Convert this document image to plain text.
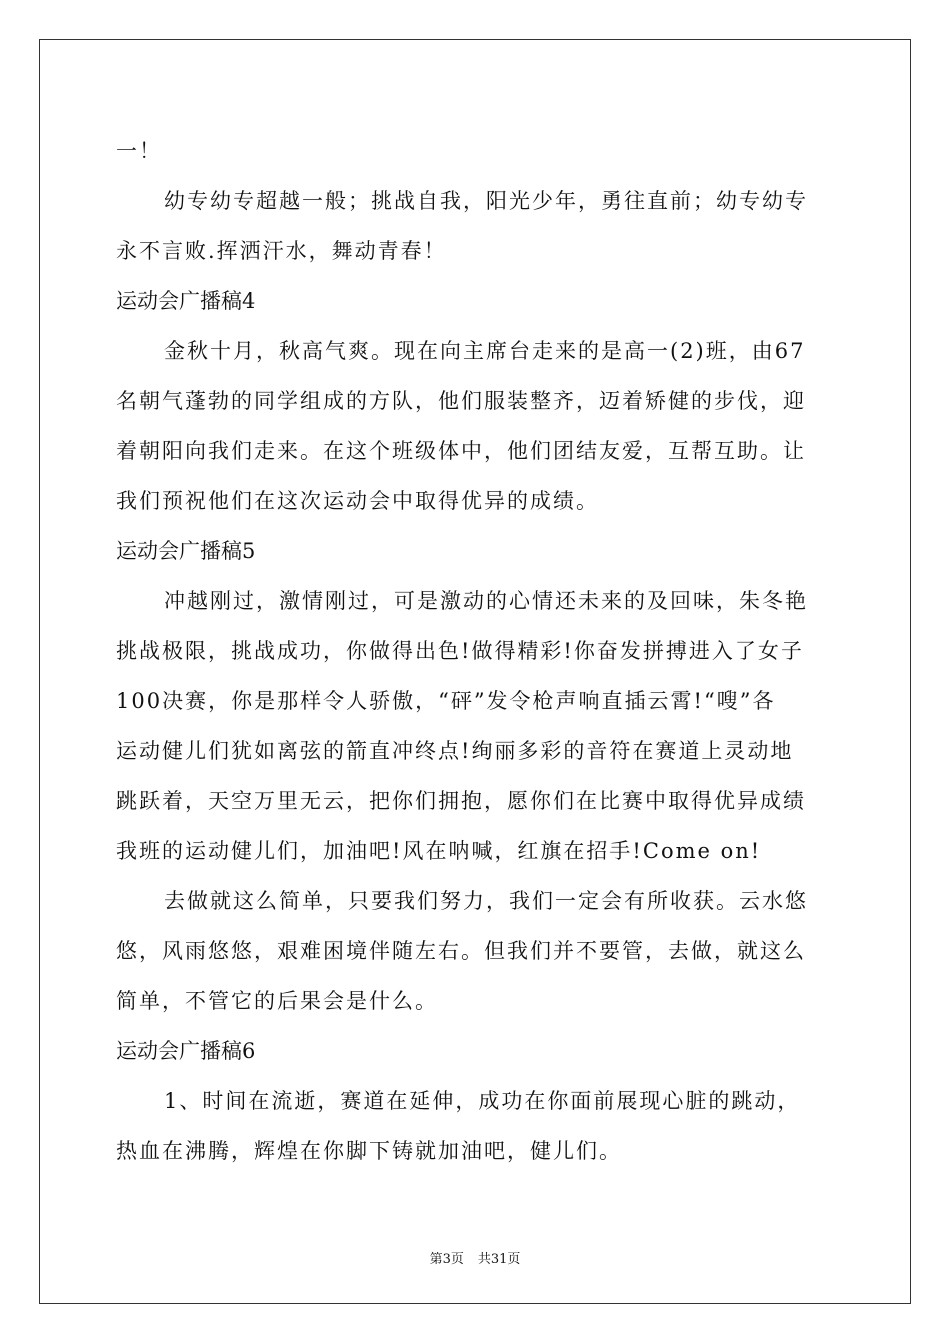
一！
幼专幼专超越一般；挑战自我，阳光少年，勇往直前；幼专幼专
永不言败.挥洒汗水，舞动青春！
运动会广播稿4
金秋十月，秋高气爽。现在向主席台走来的是高一(2)班，由67
名朝气蓬勃的同学组成的方队，他们服装整齐，迈着矫健的步伐，迎
着朝阳向我们走来。在这个班级体中，他们团结友爱，互帮互助。让
我们预祝他们在这次运动会中取得优异的成绩。
运动会广播稿5
冲越刚过，激情刚过，可是激动的心情还未来的及回味，朱冬艳
挑战极限，挑战成功，你做得出色!做得精彩!你奋发拼搏进入了女子
100决赛，你是那样令人骄傲，“砰”发令枪声响直插云霄!“嗖”各
运动健儿们犹如离弦的箭直冲终点!绚丽多彩的音符在赛道上灵动地
跳跃着，天空万里无云，把你们拥抱，愿你们在比赛中取得优异成绩
我班的运动健儿们，加油吧!风在呐喊，红旗在招手!Come on!
去做就这么简单，只要我们努力，我们一定会有所收获。云水悠
悠，风雨悠悠，艰难困境伴随左右。但我们并不要管，去做，就这么
简单，不管它的后果会是什么。
运动会广播稿6
1、时间在流逝，赛道在延伸，成功在你面前展现心脏的跳动，
热血在沸腾，辉煌在你脚下铸就加油吧，健儿们。
第3页 共31页
